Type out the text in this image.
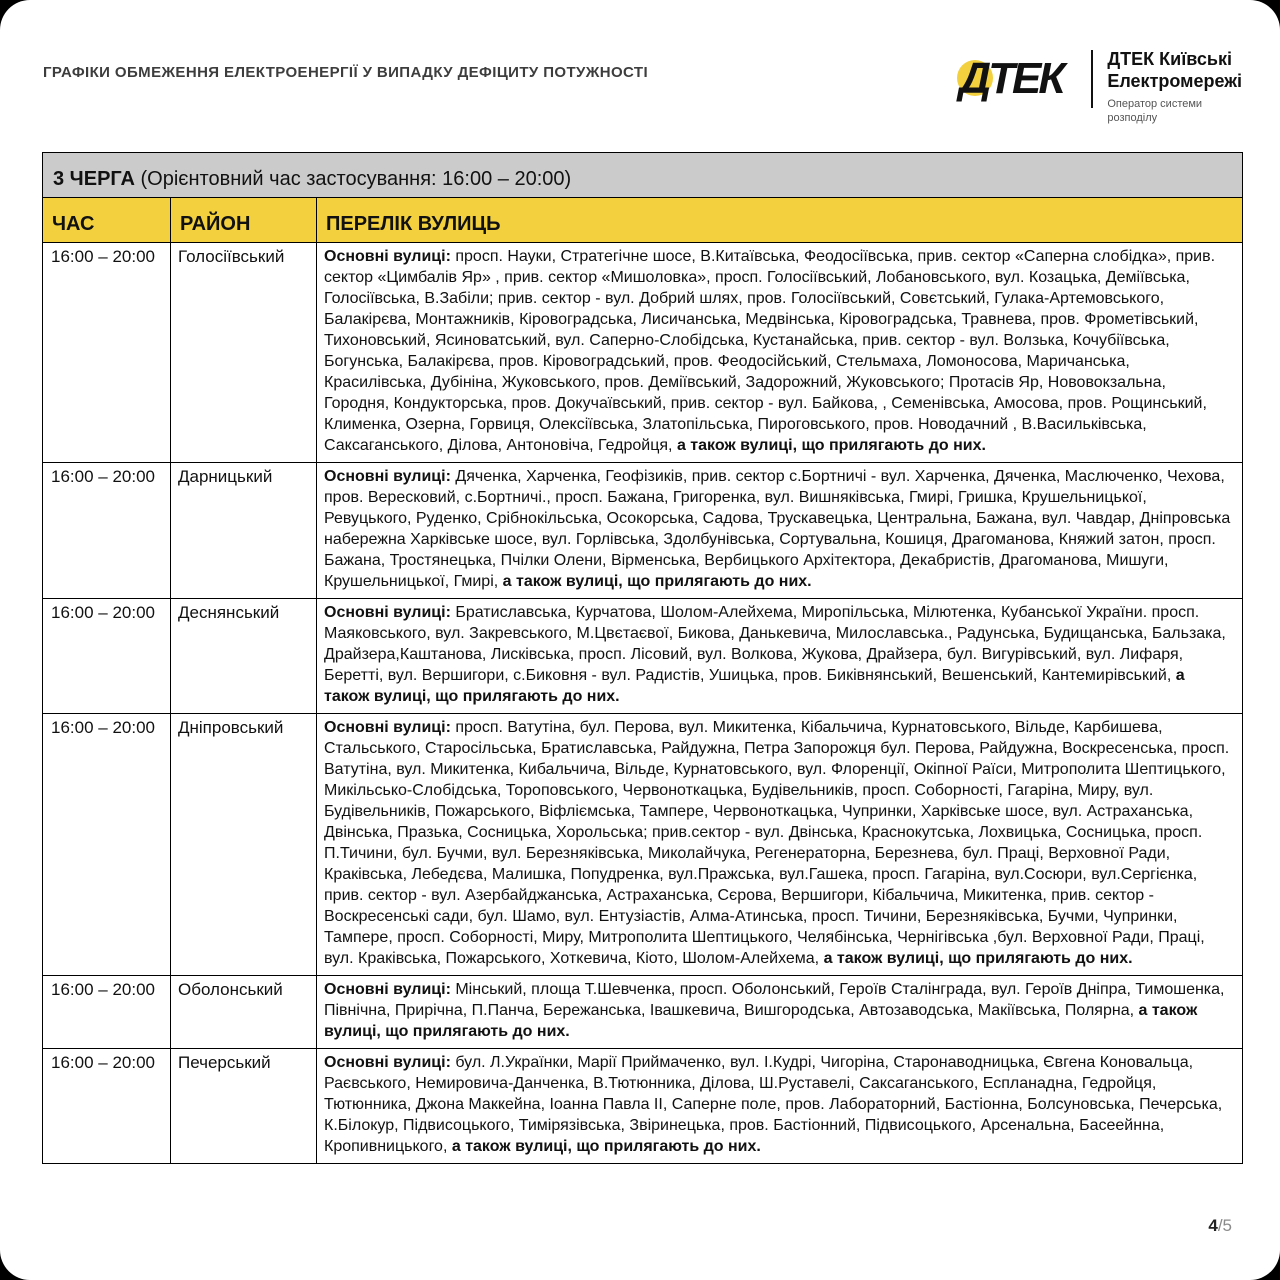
ГРАФІКИ ОБМЕЖЕННЯ ЕЛЕКТРОЕНЕРГІЇ У ВИПАДКУ ДЕФІЦИТУ ПОТУЖНОСТІ	ДТЕК ДТЕК Київські
Електромережі
Оператор системи
розподілу
3 ЧЕРГА (Орієнтовний час застосування: 16:00 – 20:00)		
ЧАС	РАЙОН	ПЕРЕЛІК ВУЛИЦЬ
16:00 – 20:00	Голосіївський	Основні вулиці: просп. Науки, Стратегічне шосе, В.Китаївська, Феодосіївська, прив. сектор «Саперна слобідка», прив. сектор «Цимбалів Яр» , прив. сектор «Мишоловка», просп. Голосіївський, Лобановського, вул. Козацька, Деміївська, Голосіївська, В.Забіли; прив. сектор - вул. Добрий шлях, пров. Голосіївський, Совєтський, Гулака-Артемовського, Балакірєва, Монтажників, Кіровоградська, Лисичанська, Медвінська, Кіровоградська, Травнева, пров. Фрометівський, Тихоновський, Ясиноватський, вул. Саперно-Слобідська, Кустанайська, прив. сектор - вул. Волзька, Кочубіївська, Богунська, Балакірєва, пров. Кіровоградський, пров. Феодосійський, Стельмаха, Ломоносова, Маричанська, Красилівська, Дубініна, Жуковського, пров. Деміївський, Задорожний, Жуковського; Протасів Яр, Нововокзальна, Городня, Кондукторська, пров. Докучаївський, прив. сектор - вул. Байкова, , Семенівська, Амосова, пров. Рощинський, Клименка, Озерна, Горвиця, Олексіївська, Златопільська, Пироговського, пров. Новодачний , В.Васильківська, Саксаганського, Ділова, Антоновіча, Гедройця, а також вулиці, що прилягають до них.
16:00 – 20:00	Дарницький	Основні вулиці: Дяченка, Харченка, Геофізиків, прив. сектор с.Бортничі - вул. Харченка, Дяченка, Маслюченко, Чехова, пров. Вересковий, с.Бортничі., просп. Бажана, Григоренка, вул. Вишняківська, Гмирі, Гришка, Крушельницької, Ревуцького, Руденко, Срібнокільська, Осокорська, Садова, Трускавецька, Центральна, Бажана, вул. Чавдар, Дніпровська набережна Харківське шосе, вул. Горлівська, Здолбунівська, Сортувальна, Кошиця, Драгоманова, Княжий затон, просп. Бажана, Тростянецька, Пчілки Олени, Вірменська, Вербицького Архітектора, Декабристів, Драгоманова, Мишуги, Крушельницької, Гмирі, а також вулиці, що прилягають до них.
16:00 – 20:00	Деснянський	Основні вулиці: Братиславська, Курчатова, Шолом-Алейхема, Миропільська, Мілютенка, Кубанської України. просп. Маяковського, вул. Закревського, М.Цвєтаєвої, Бикова, Данькевича, Милославська., Радунська, Будищанська, Бальзака, Драйзера,Каштанова, Лисківська, просп. Лісовий, вул. Волкова, Жукова, Драйзера, бул. Вигурівський, вул. Лифаря, Беретті, вул. Вершигори, с.Биковня - вул. Радистів, Ушицька, пров. Биківнянський, Вешенський, Кантемирівський, а також вулиці, що прилягають до них.
16:00 – 20:00	Дніпровський	Основні вулиці: просп. Ватутіна, бул. Перова, вул. Микитенка, Кібальчича, Курнатовського, Вільде, Карбишева, Стальського, Старосільська, Братиславська, Райдужна, Петра Запорожця бул. Перова, Райдужна, Воскресенська, просп. Ватутіна, вул. Микитенка, Кибальчича, Вільде, Курнатовського, вул. Флоренції, Окіпної Раїси, Митрополита Шептицького, Микільсько-Слобідська, Тороповського, Червоноткацька, Будівельників, просп. Соборності, Гагаріна, Миру, вул. Будівельників, Пожарського, Віфліємська, Тампере, Червоноткацька, Чупринки, Харківське шосе, вул. Астраханська, Двінська, Празька, Сосницька, Хорольська; прив.сектор - вул. Двінська, Краснокутська, Лохвицька, Сосницька, просп. П.Тичини, бул. Бучми, вул. Березняківська, Миколайчука, Регенераторна, Березнева, бул. Праці, Верховної Ради, Краківська, Лебедєва, Малишка, Попудренка, вул.Пражська, вул.Гашека, просп. Гагаріна, вул.Сосюри, вул.Сергієнка, прив. сектор - вул. Азербайджанська, Астраханська, Сєрова, Вершигори, Кібальчича, Микитенка, прив. сектор - Воскресенські сади, бул. Шамо, вул. Ентузіастів, Алма-Атинська, просп. Тичини, Березняківська, Бучми, Чупринки, Тампере, просп. Соборності, Миру, Митрополита Шептицького, Челябінська, Чернігівська ,бул. Верховної Ради, Праці, вул. Краківська, Пожарського, Хоткевича, Кіото, Шолом-Алейхема, а також вулиці, що прилягають до них.
16:00 – 20:00	Оболонський	Основні вулиці: Мінський, площа Т.Шевченка, просп. Оболонський, Героїв Сталінграда, вул. Героїв Дніпра, Тимошенка, Північна, Прирічна, П.Панча, Бережанська, Івашкевича, Вишгородська, Автозаводська, Макіївська, Полярна, а також вулиці, що прилягають до них.
16:00 – 20:00	Печерський	Основні вулиці: бул. Л.Українки, Марії Приймаченко, вул. І.Кудрі, Чигоріна, Старонаводницька, Євгена Коновальца, Раєвського, Немировича-Данченка, В.Тютюнника, Ділова, Ш.Руставелі, Саксаганського, Еспланадна, Гедройця, Тютюнника, Джона Маккейна, Іоанна Павла II, Саперне поле, пров. Лабораторний, Бастіонна, Болсуновська, Печерська, К.Білокур, Підвисоцького, Тимірязівська, Звіринецька, пров. Бастіонний, Підвисоцького, Арсенальна, Басеейнна, Кропивницького, а також вулиці, що прилягають до них.
4/5
